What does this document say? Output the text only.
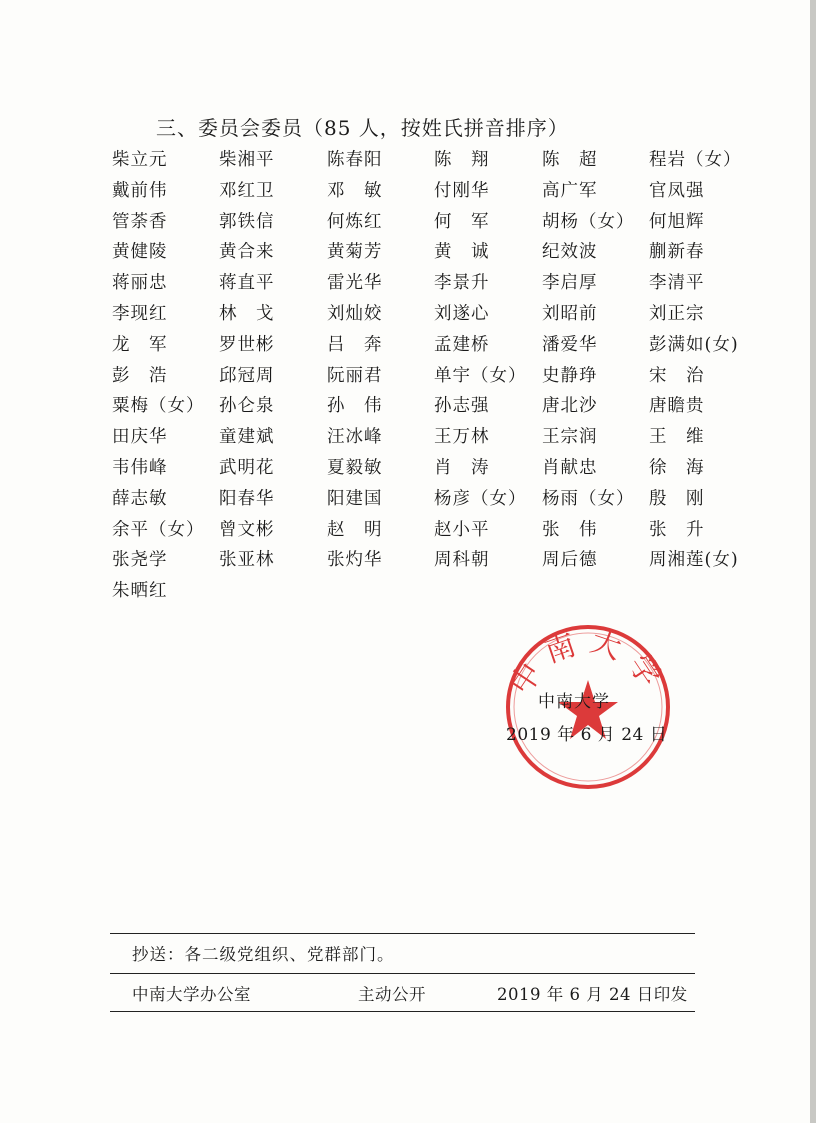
三、委员会委员（85 人，按姓氏拼音排序）
柴立元	柴湘平	陈春阳	陈　翔	陈　超	程岩（女）
戴前伟	邓红卫	邓　敏	付刚华	高广军	官凤强
管荼香	郭铁信	何炼红	何　军	胡杨（女） 何旭辉
黄健陵	黄合来	黄菊芳	黄　诚	纪效波	蒯新春
蒋丽忠	蒋直平	雷光华	李景升	李启厚	李清平
李现红	林　戈	刘灿姣	刘遂心	刘昭前	刘正宗
龙　军	罗世彬	吕　奔	孟建桥	潘爱华	彭满如(女)
彭　浩	邱冠周	阮丽君	单宇（女） 史静琤	宋　治
粟梅（女） 孙仑泉	孙　伟	孙志强	唐北沙	唐瞻贵
田庆华	童建斌	汪冰峰	王万林	王宗润	王　维
韦伟峰	武明花	夏毅敏	肖　涛	肖献忠	徐　海
薛志敏	阳春华	阳建国	杨彦（女） 杨雨（女） 殷　刚
余平（女） 曾文彬	赵　明	赵小平	张　伟	张　升
张尧学	张亚林	张灼华	周科朝	周后德	周湘莲(女)
朱晒红
中南大学
中南大学
2019 年 6 月 24 日
抄送：各二级党组织、党群部门。
中南大学办公室	主动公开	2019 年 6 月 24 日印发
